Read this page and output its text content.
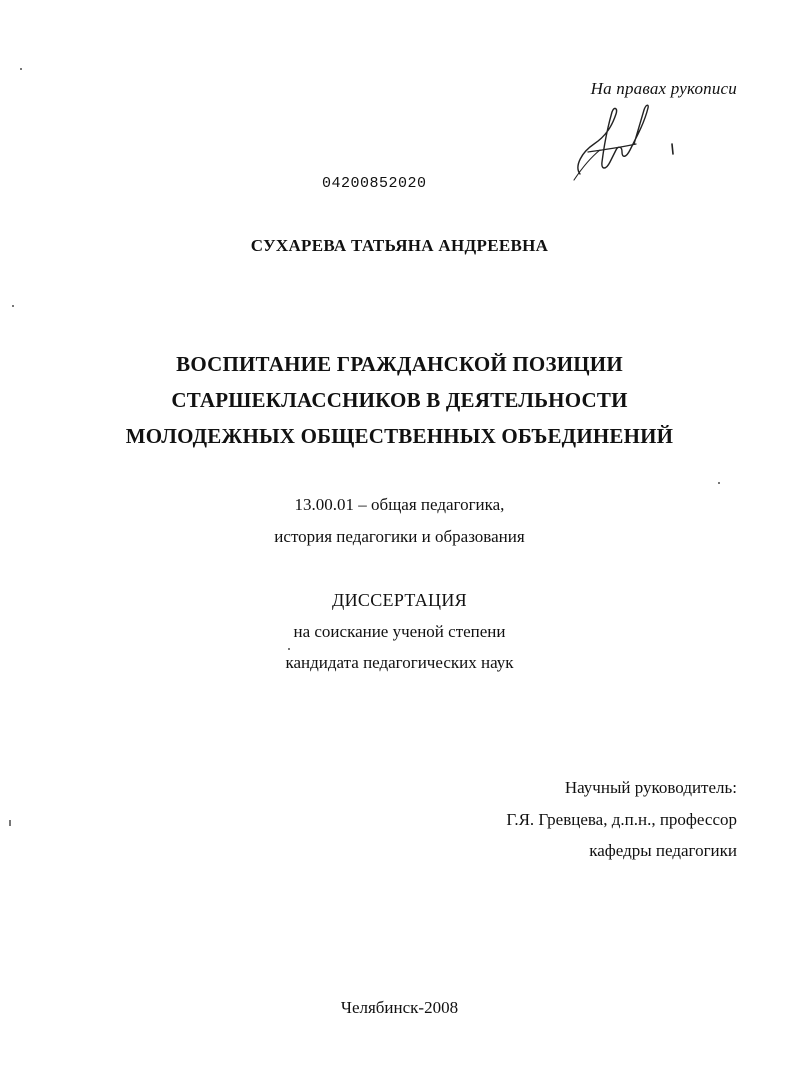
На правах рукописи
04200852020
СУХАРЕВА ТАТЬЯНА АНДРЕЕВНА
ВОСПИТАНИЕ ГРАЖДАНСКОЙ ПОЗИЦИИ
СТАРШЕКЛАССНИКОВ В ДЕЯТЕЛЬНОСТИ
МОЛОДЕЖНЫХ ОБЩЕСТВЕННЫХ ОБЪЕДИНЕНИЙ
13.00.01 – общая педагогика,
история педагогики и образования
ДИССЕРТАЦИЯ
на соискание ученой степени
кандидата педагогических наук
Научный руководитель:
Г.Я. Гревцева, д.п.н., профессор
кафедры педагогики
Челябинск-2008
